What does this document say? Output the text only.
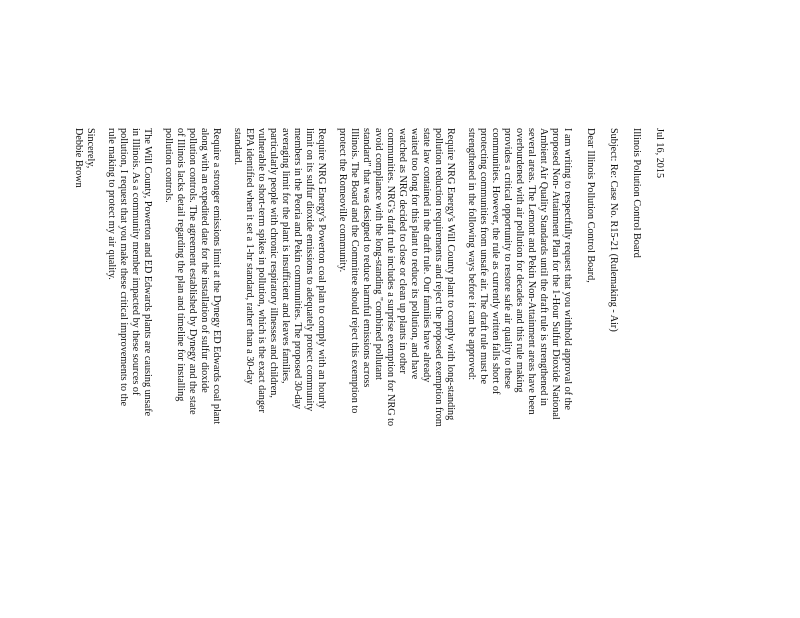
Jul 16, 2015
Illinois Pollution Control Board
Subject: Re: Case No. R15-21 (Rulemaking - Air)
Dear Illinois Pollution Control Board,
I am writing to respectfully request that you withhold approval of the
proposed Non- Attainment Plan for the 1-Hour Sulfur Dioxide National
Ambient Air Quality Standards until the draft rule is strengthened in
several areas. The Lemont and Pekin Non-Attainment areas have been
overburdened with air pollution for decades and this rule making
provides a critical opportunity to restore safe air quality to these
communities. However, the rule as currently written falls short of
protecting communities from unsafe air. The draft rule must be
strengthened in the following ways before it can be approved:
Require NRG Energy's Will County plant to comply with long-standing
pollution reduction requirements and reject the proposed exemption from
state law contained in the draft rule. Our families have already
waited too long for this plant to reduce its pollution, and have
watched as NRG decided to close or clean up plants in other
communities. NRG's draft rule includes a surprise exemption for NRG to
avoid compliance with the long-standing "combined pollutant
standard" that was designed to reduce harmful emissions across
Illinois. The Board and the Committee should reject this exemption to
protect the Romeoville community.
Require NRG Energy's Powerton coal plan to comply with an hourly
limit on its sulfur dioxide emissions to adequately protect community
members in the Peoria and Pekin communities. The proposed 30-day
averaging limit for the plant is insufficient and leaves families,
particularly people with chronic respiratory illnesses and children,
vulnerable to short-term spikes in pollution, which is the exact danger
EPA identified when it set a 1-hr standard, rather than a 30-day
standard.
Require a stronger emissions limit at the Dynegy ED Edwards coal plant
along with an expedited date for the installation of sulfur dioxide
pollution controls. The agreement established by Dynegy and the state
of Illinois lacks detail regarding the plan and timeline for installing
pollution controls.
The Will County, Powerton and ED Edwards plants are causing unsafe
in Illinois. As a community member impacted by these sources of
pollution, I request that you make these critical improvements to the
rule making to protect my air quality.
Sincerely,
Debbie Brown
